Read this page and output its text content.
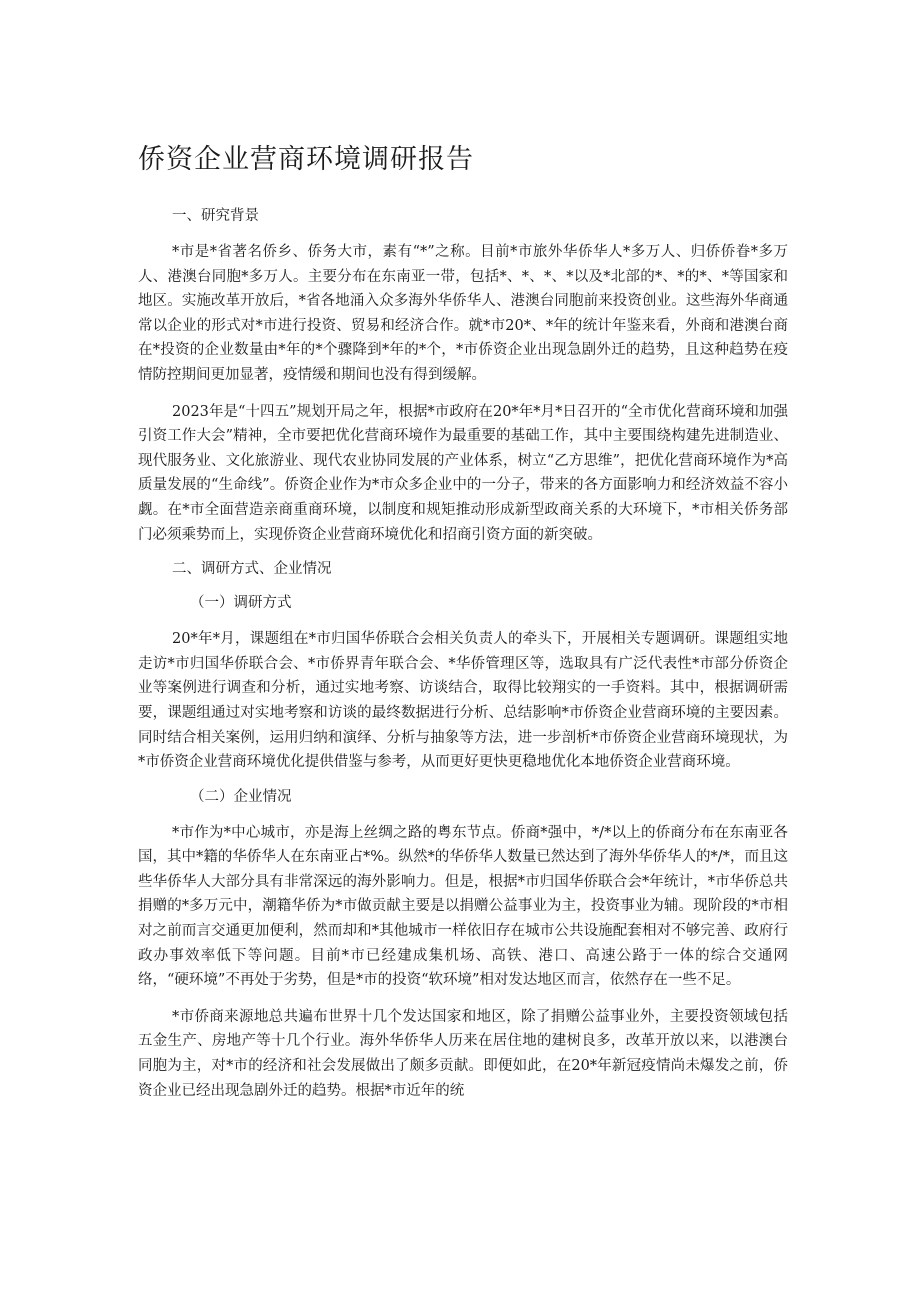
侨资企业营商环境调研报告
一、研究背景

*市是*省著名侨乡、侨务大市，素有“*”之称。目前*市旅外华侨华人*多万人、归侨侨眷*多万人、港澳台同胞*多万人。主要分布在东南亚一带，包括*、*、*、*以及*北部的*、*的*、*等国家和地区。实施改革开放后，*省各地涌入众多海外华侨华人、港澳台同胞前来投资创业。这些海外华商通常以企业的形式对*市进行投资、贸易和经济合作。就*市20*、*年的统计年鉴来看，外商和港澳台商在*投资的企业数量由*年的*个骤降到*年的*个，*市侨资企业出现急剧外迁的趋势，且这种趋势在疫情防控期间更加显著，疫情缓和期间也没有得到缓解。

2023年是“十四五”规划开局之年，根据*市政府在20*年*月*日召开的“全市优化营商环境和加强引资工作大会”精神，全市要把优化营商环境作为最重要的基础工作，其中主要围绕构建先进制造业、现代服务业、文化旅游业、现代农业协同发展的产业体系，树立“乙方思维”，把优化营商环境作为*高质量发展的“生命线”。侨资企业作为*市众多企业中的一分子，带来的各方面影响力和经济效益不容小觑。在*市全面营造亲商重商环境，以制度和规矩推动形成新型政商关系的大环境下，*市相关侨务部门必须乘势而上，实现侨资企业营商环境优化和招商引资方面的新突破。

二、调研方式、企业情况
（一）调研方式

20*年*月，课题组在*市归国华侨联合会相关负责人的牵头下，开展相关专题调研。课题组实地走访*市归国华侨联合会、*市侨界青年联合会、*华侨管理区等，选取具有广泛代表性*市部分侨资企业等案例进行调查和分析，通过实地考察、访谈结合，取得比较翔实的一手资料。其中，根据调研需要，课题组通过对实地考察和访谈的最终数据进行分析、总结影响*市侨资企业营商环境的主要因素。同时结合相关案例，运用归纳和演绎、分析与抽象等方法，进一步剖析*市侨资企业营商环境现状，为*市侨资企业营商环境优化提供借鉴与参考，从而更好更快更稳地优化本地侨资企业营商环境。

（二）企业情况

*市作为*中心城市，亦是海上丝绸之路的粤东节点。侨商*强中，*/*以上的侨商分布在东南亚各国，其中*籍的华侨华人在东南亚占*%。纵然*的华侨华人数量已然达到了海外华侨华人的*/*，而且这些华侨华人大部分具有非常深远的海外影响力。但是，根据*市归国华侨联合会*年统计，*市华侨总共捐赠的*多万元中，潮籍华侨为*市做贡献主要是以捐赠公益事业为主，投资事业为辅。现阶段的*市相对之前而言交通更加便利，然而却和*其他城市一样依旧存在城市公共设施配套相对不够完善、政府行政办事效率低下等问题。目前*市已经建成集机场、高铁、港口、高速公路于一体的综合交通网络，“硬环境”不再处于劣势，但是*市的投资“软环境”相对发达地区而言，依然存在一些不足。

*市侨商来源地总共遍布世界十几个发达国家和地区，除了捐赠公益事业外，主要投资领域包括五金生产、房地产等十几个行业。海外华侨华人历来在居住地的建树良多，改革开放以来，以港澳台同胞为主，对*市的经济和社会发展做出了颇多贡献。即便如此，在20*年新冠疫情尚未爆发之前，侨资企业已经出现急剧外迁的趋势。根据*市近年的统
